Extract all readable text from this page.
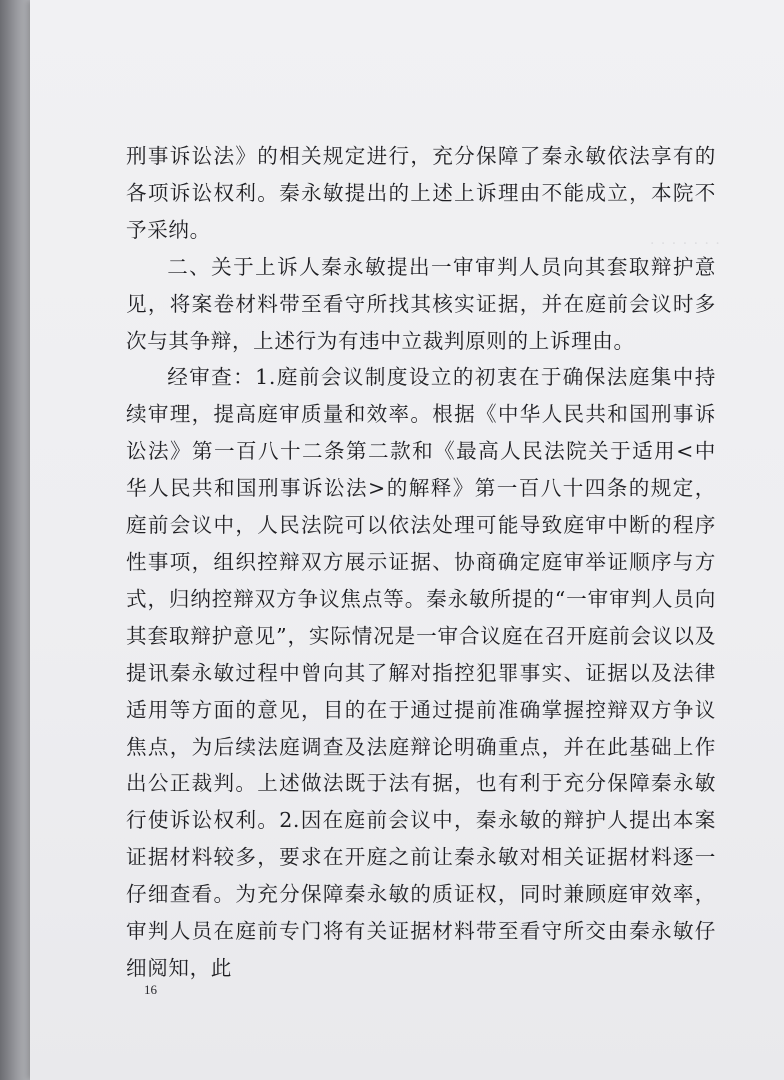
· · · · · · ·

刑事诉讼法》的相关规定进行，充分保障了秦永敏依法享有的各项诉讼权利。秦永敏提出的上述上诉理由不能成立，本院不予采纳。

二、关于上诉人秦永敏提出一审审判人员向其套取辩护意见，将案卷材料带至看守所找其核实证据，并在庭前会议时多次与其争辩，上述行为有违中立裁判原则的上诉理由。

经审查：1.庭前会议制度设立的初衷在于确保法庭集中持续审理，提高庭审质量和效率。根据《中华人民共和国刑事诉讼法》第一百八十二条第二款和《最高人民法院关于适用<中华人民共和国刑事诉讼法>的解释》第一百八十四条的规定，庭前会议中，人民法院可以依法处理可能导致庭审中断的程序性事项，组织控辩双方展示证据、协商确定庭审举证顺序与方式，归纳控辩双方争议焦点等。秦永敏所提的“一审审判人员向其套取辩护意见”，实际情况是一审合议庭在召开庭前会议以及提讯秦永敏过程中曾向其了解对指控犯罪事实、证据以及法律适用等方面的意见，目的在于通过提前准确掌握控辩双方争议焦点，为后续法庭调查及法庭辩论明确重点，并在此基础上作出公正裁判。上述做法既于法有据，也有利于充分保障秦永敏行使诉讼权利。2.因在庭前会议中，秦永敏的辩护人提出本案证据材料较多，要求在开庭之前让秦永敏对相关证据材料逐一仔细查看。为充分保障秦永敏的质证权，同时兼顾庭审效率，审判人员在庭前专门将有关证据材料带至看守所交由秦永敏仔细阅知，此

16
